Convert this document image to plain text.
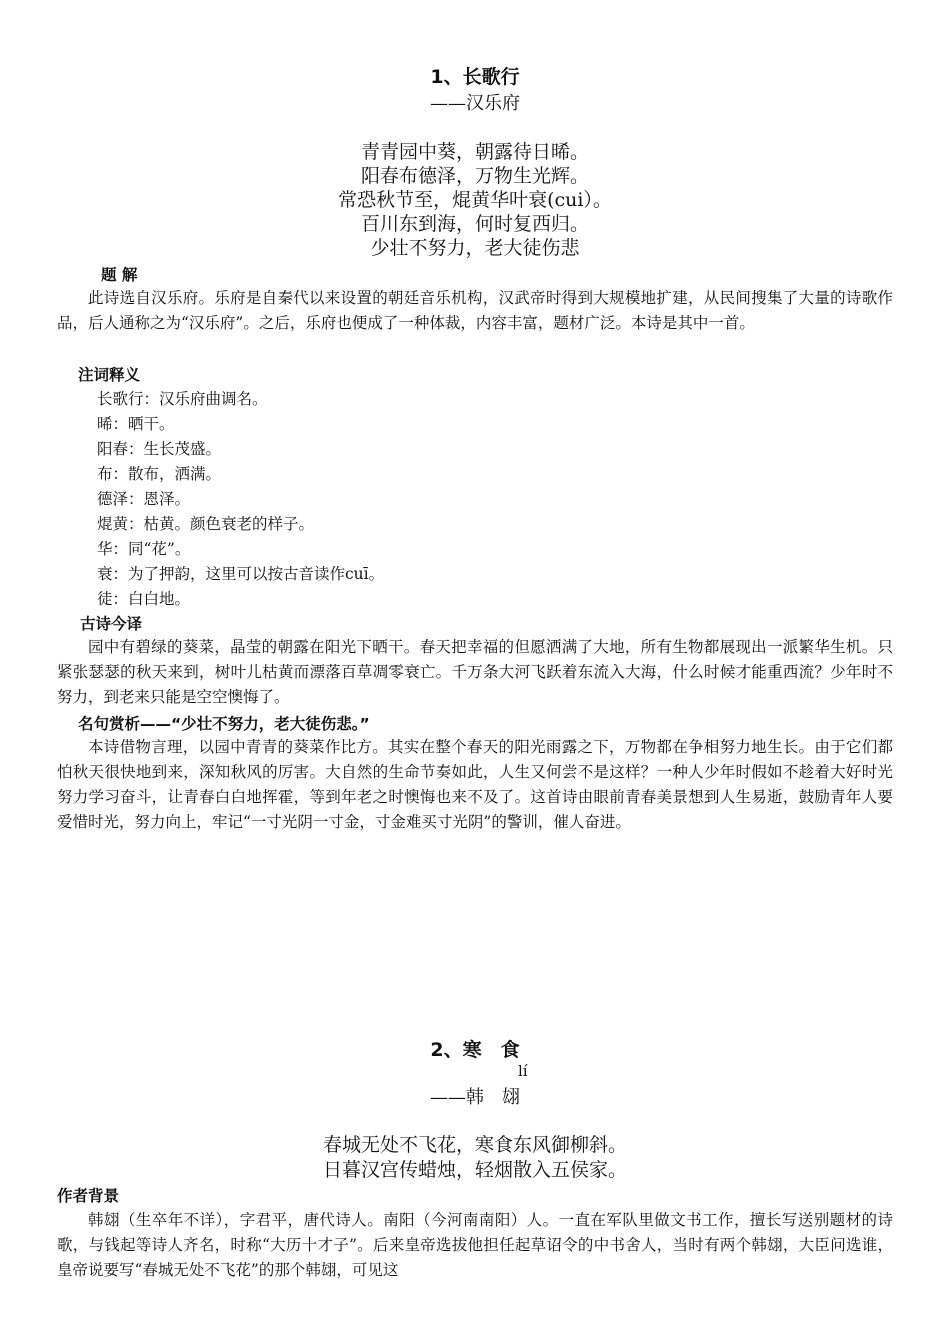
1、长歌行
——汉乐府
青青园中葵，朝露待日晞。
阳春布德泽，万物生光辉。
常恐秋节至，焜黄华叶衰(cui）。
百川东到海，何时复西归。
少壮不努力，老大徒伤悲
题 解
此诗选自汉乐府。乐府是自秦代以来设置的朝廷音乐机构，汉武帝时得到大规模地扩建，从民间搜集了大量的诗歌作品，后人通称之为“汉乐府”。之后，乐府也便成了一种体裁，内容丰富，题材广泛。本诗是其中一首。
注词释义
长歌行：汉乐府曲调名。
晞：晒干。
阳春：生长茂盛。
布：散布，洒满。
德泽：恩泽。
焜黄：枯黄。颜色衰老的样子。
华：同“花”。
衰：为了押韵，这里可以按古音读作cuī。
徒：白白地。
古诗今译
园中有碧绿的葵菜，晶莹的朝露在阳光下晒干。春天把幸福的但愿洒满了大地，所有生物都展现出一派繁华生机。只紧张瑟瑟的秋天来到，树叶儿枯黄而漂落百草凋零衰亡。千万条大河飞跃着东流入大海，什么时候才能重西流？少年时不努力，到老来只能是空空懊悔了。
名句赏析——“少壮不努力，老大徒伤悲。”
本诗借物言理，以园中青青的葵菜作比方。其实在整个春天的阳光雨露之下，万物都在争相努力地生长。由于它们都怕秋天很快地到来，深知秋风的厉害。大自然的生命节奏如此，人生又何尝不是这样？一种人少年时假如不趁着大好时光努力学习奋斗，让青春白白地挥霍，等到年老之时懊悔也来不及了。这首诗由眼前青春美景想到人生易逝，鼓励青年人要爱惜时光，努力向上，牢记“一寸光阴一寸金，寸金难买寸光阴”的警训，催人奋进。
2、寒　食
lí
——韩　翃
春城无处不飞花，寒食东风御柳斜。
日暮汉宫传蜡烛，轻烟散入五侯家。
作者背景
韩翃（生卒年不详），字君平，唐代诗人。南阳（今河南南阳）人。一直在军队里做文书工作，擅长写送别题材的诗歌，与钱起等诗人齐名，时称“大历十才子”。后来皇帝选拔他担任起草诏令的中书舍人，当时有两个韩翃，大臣问选谁，皇帝说要写“春城无处不飞花”的那个韩翃，可见这
